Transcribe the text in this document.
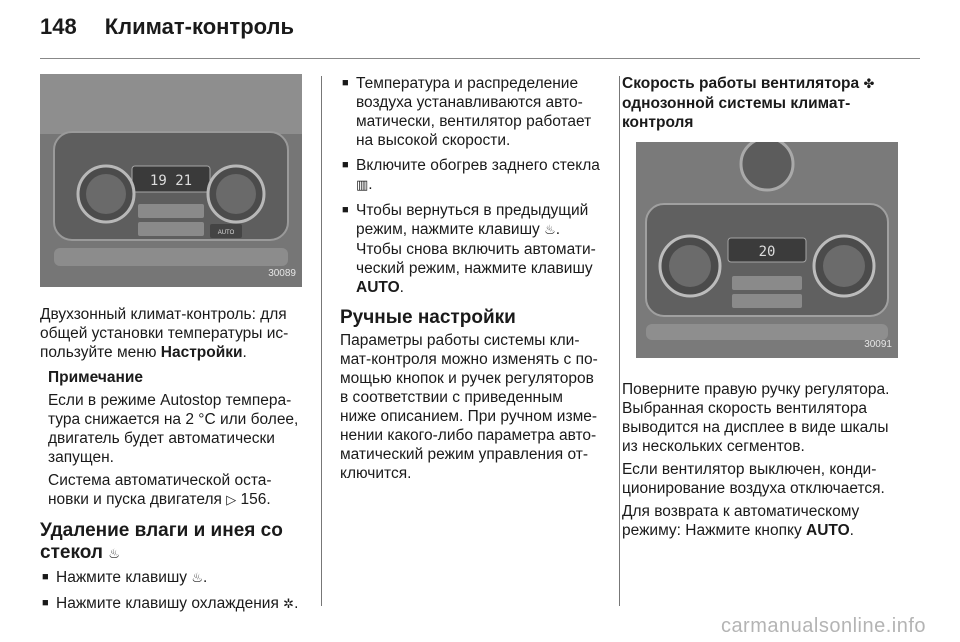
148 Климат-контроль
19 21
AUTO
30089

Двухзонный климат-контроль: для общей установки температуры используйте меню Настройки.

Примечание

Если в режиме Autostop температура снижается на 2 °C или более, двигатель будет автоматически запущен.

Система автоматической остановки и пуска двигателя ▷ 156.

Удаление влаги и инея со стекол ♨
■ Нажмите клавишу ♨.
■ Нажмите клавишу охлаждения ✲.
■ Температура и распределение воздуха устанавливаются автоматически, вентилятор работает на высокой скорости.
■ Включите обогрев заднего стекла ▥.
■ Чтобы вернуться в предыдущий режим, нажмите клавишу ♨. Чтобы снова включить автоматический режим, нажмите клавишу AUTO.
Ручные настройки

Параметры работы системы климат-контроля можно изменять с помощью кнопок и ручек регуляторов в соответствии с приведенным ниже описанием. При ручном изменении какого-либо параметра автоматический режим управления отключится.

Скорость работы вентилятора ✤ однозонной системы климат-контроля
20
30091

Поверните правую ручку регулятора. Выбранная скорость вентилятора выводится на дисплее в виде шкалы из нескольких сегментов.

Если вентилятор выключен, кондиционирование воздуха отключается.

Для возврата к автоматическому режиму: Нажмите кнопку AUTO.

carmanualsonline.info
